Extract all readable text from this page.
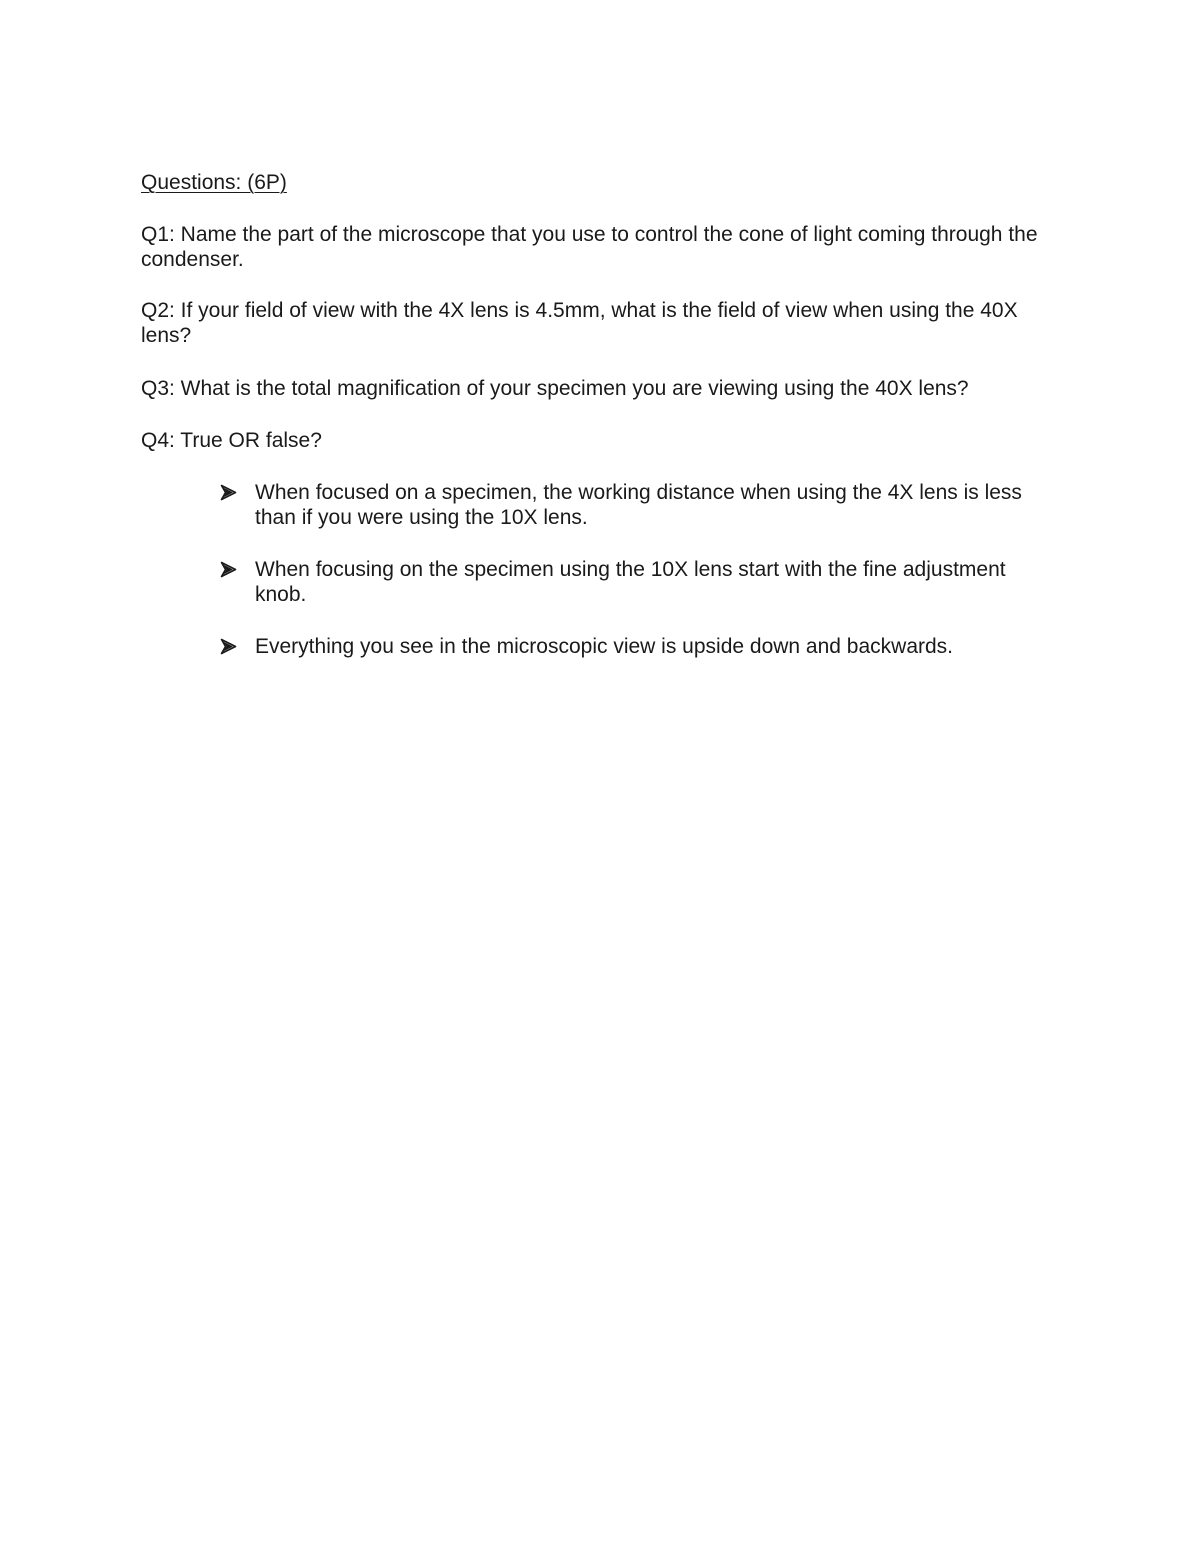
Questions: (6P)

Q1: Name the part of the microscope that you use to control the cone of light coming through the condenser.

Q2: If your field of view with the 4X lens is 4.5mm, what is the field of view when using the 40X lens?

Q3: What is the total magnification of your specimen you are viewing using the 40X lens?

Q4: True OR false?

When focused on a specimen, the working distance when using the 4X lens is less than if you were using the 10X lens.
When focusing on the specimen using the 10X lens start with the fine adjustment knob.
Everything you see in the microscopic view is upside down and backwards.
